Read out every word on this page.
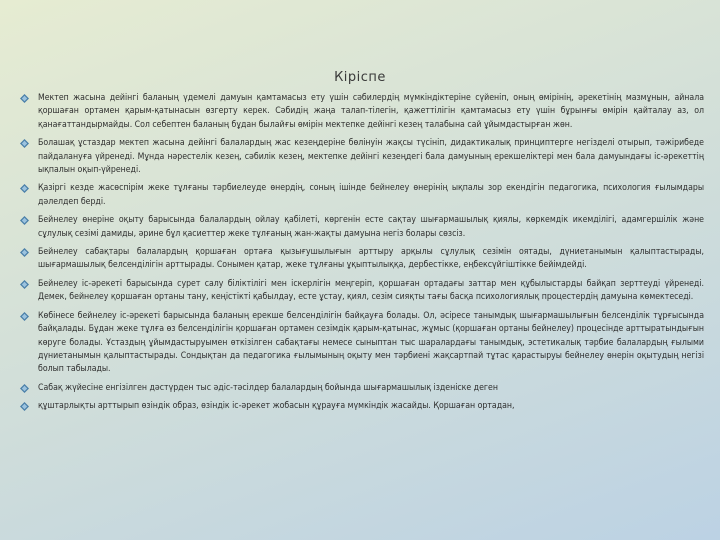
Кіріспе
Мектеп жасына дейінгі баланың үдемелі дамуын қамтамасыз ету үшін сәбилердің мүмкіндіктеріне сүйеніп, оның өмірінің, әрекетінің мазмұнын, айнала қоршаған ортамен қарым-қатынасын өзгерту керек. Сәбидің жаңа талап-тілегін, қажеттілігін қамтамасыз ету үшін бұрынғы өмірін қайталау аз, ол қанағаттандырмайды. Сол себептен баланың бұдан былайғы өмірін мектепке дейінгі кезең талабына сай ұйымдастырған жөн.
Болашақ ұстаздар мектеп жасына дейінгі балалардың жас кезеңдеріне бөлінуін жақсы түсініп, дидактикалық принциптерге негізделі отырып, тәжірибеде пайдалануға үйренеді. Мұнда нәрестелік кезең, сәбилік кезең, мектепке дейінгі кезеңдегі бала дамуының ерекшеліктері мен бала дамуындағы іс-әрекеттің ықпалын оқып-үйренеді.
Қазіргі кезде жасөспірім жеке тұлғаны тәрбиелеуде өнердің, соның ішінде бейнелеу өнерінің ықпалы зор екендігін педагогика, психология ғылымдары дәлелдеп берді.
Бейнелеу өнеріне оқыту барысында балалардың ойлау қабілеті, көргенін есте сақтау шығармашылық қиялы, көркемдік икемділігі, адамгершілік және сұлулық сезімі дамиды, әрине бұл қасиеттер жеке тұлғаның жан-жақты дамуына негіз болары сөзсіз.
Бейнелеу сабақтары балалардың қоршаған ортаға қызығушылығын арттыру арқылы сұлулық сезімін оятады, дүниетанымын қалыптастырады, шығармашылық белсенділігін арттырады. Сонымен қатар, жеке тұлғаны ұқыптылыққа, дербестікке, еңбексүйгіштікке бейімдейді.
Бейнелеу іс-әрекеті барысында сурет салу біліктілігі мен іскерлігін меңгеріп, қоршаған ортадағы заттар мен құбылыстарды байқап зерттеуді үйренеді. Демек, бейнелеу қоршаған ортаны тану, кеңістікті қабылдау, есте ұстау, қиял, сезім сияқты тағы басқа психологиялық процестердің дамуына көмектеседі.
Көбінесе бейнелеу іс-әрекеті барысында баланың ерекше белсенділігін байқауға болады. Ол, әсіресе танымдық шығармашылығын белсенділік тұрғысында байқалады. Бұдан жеке тұлға өз белсенділігін қоршаған ортамен сезімдік қарым-қатынас, жұмыс (қоршаған ортаны бейнелеу) процесінде арттыратындығын көруге болады. Ұстаздың ұйымдастыруымен өткізілген сабақтағы немесе сыныптан тыс шаралардағы танымдық, эстетикалық тәрбие балалардың ғылыми дүниетанымын қалыптастырады. Сондықтан да педагогика ғылымының оқыту мен тәрбиені жақсартпай тұтас қарастыруы бейнелеу өнерін оқытудың негізі болып табылады.
Сабақ жүйесіне енгізілген дәстүрден тыс әдіс-тәсілдер балалардың бойында шығармашылық ізденіске деген
құштарлықты арттырып өзіндік образ, өзіндік іс-әрекет жобасын құрауға мүмкіндік жасайды. Қоршаған ортадан,
